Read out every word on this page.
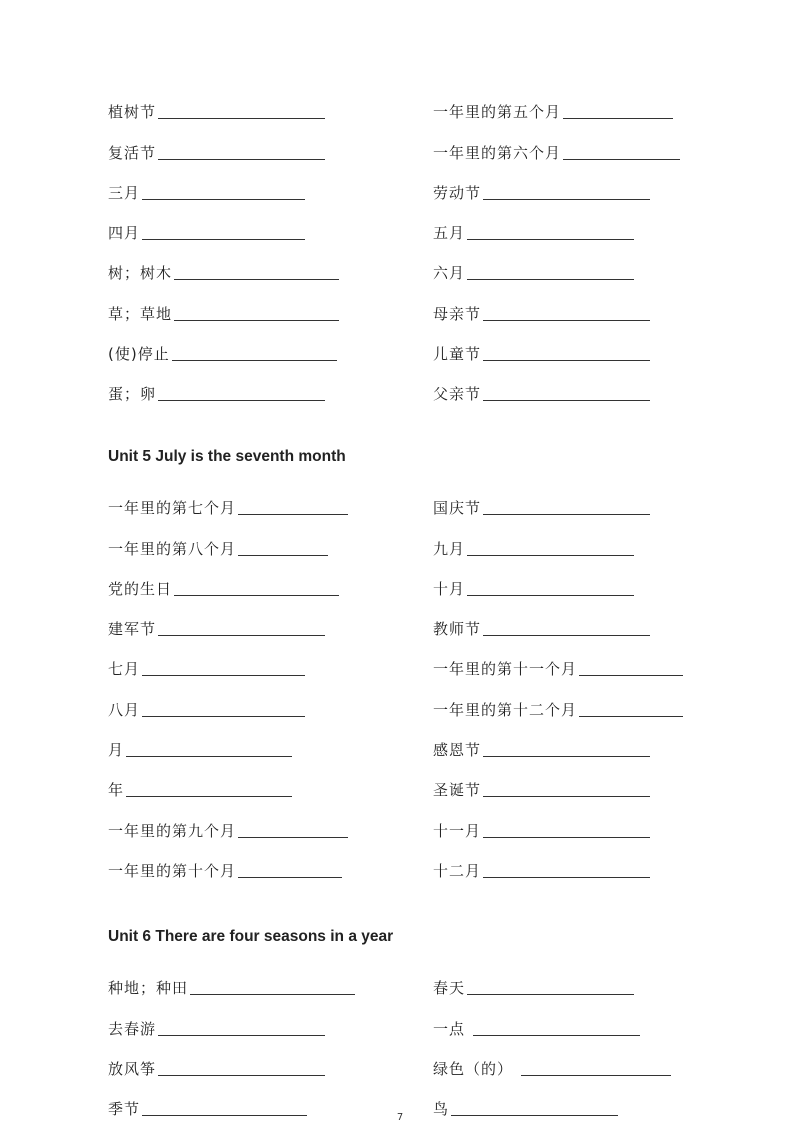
植树节
复活节
三月
四月
树；树木
草；草地
(使)停止
蛋；卵
一年里的第五个月
一年里的第六个月
劳动节
五月
六月
母亲节
儿童节
父亲节
Unit 5 July is the seventh month
一年里的第七个月
一年里的第八个月
党的生日
建军节
七月
八月
月
年
一年里的第九个月
一年里的第十个月
国庆节
九月
十月
教师节
一年里的第十一个月
一年里的第十二个月
感恩节
圣诞节
十一月
十二月
Unit 6 There are four seasons in a year
种地；种田
去春游
放风筝
季节
春天
一点
绿色（的）
鸟
7
